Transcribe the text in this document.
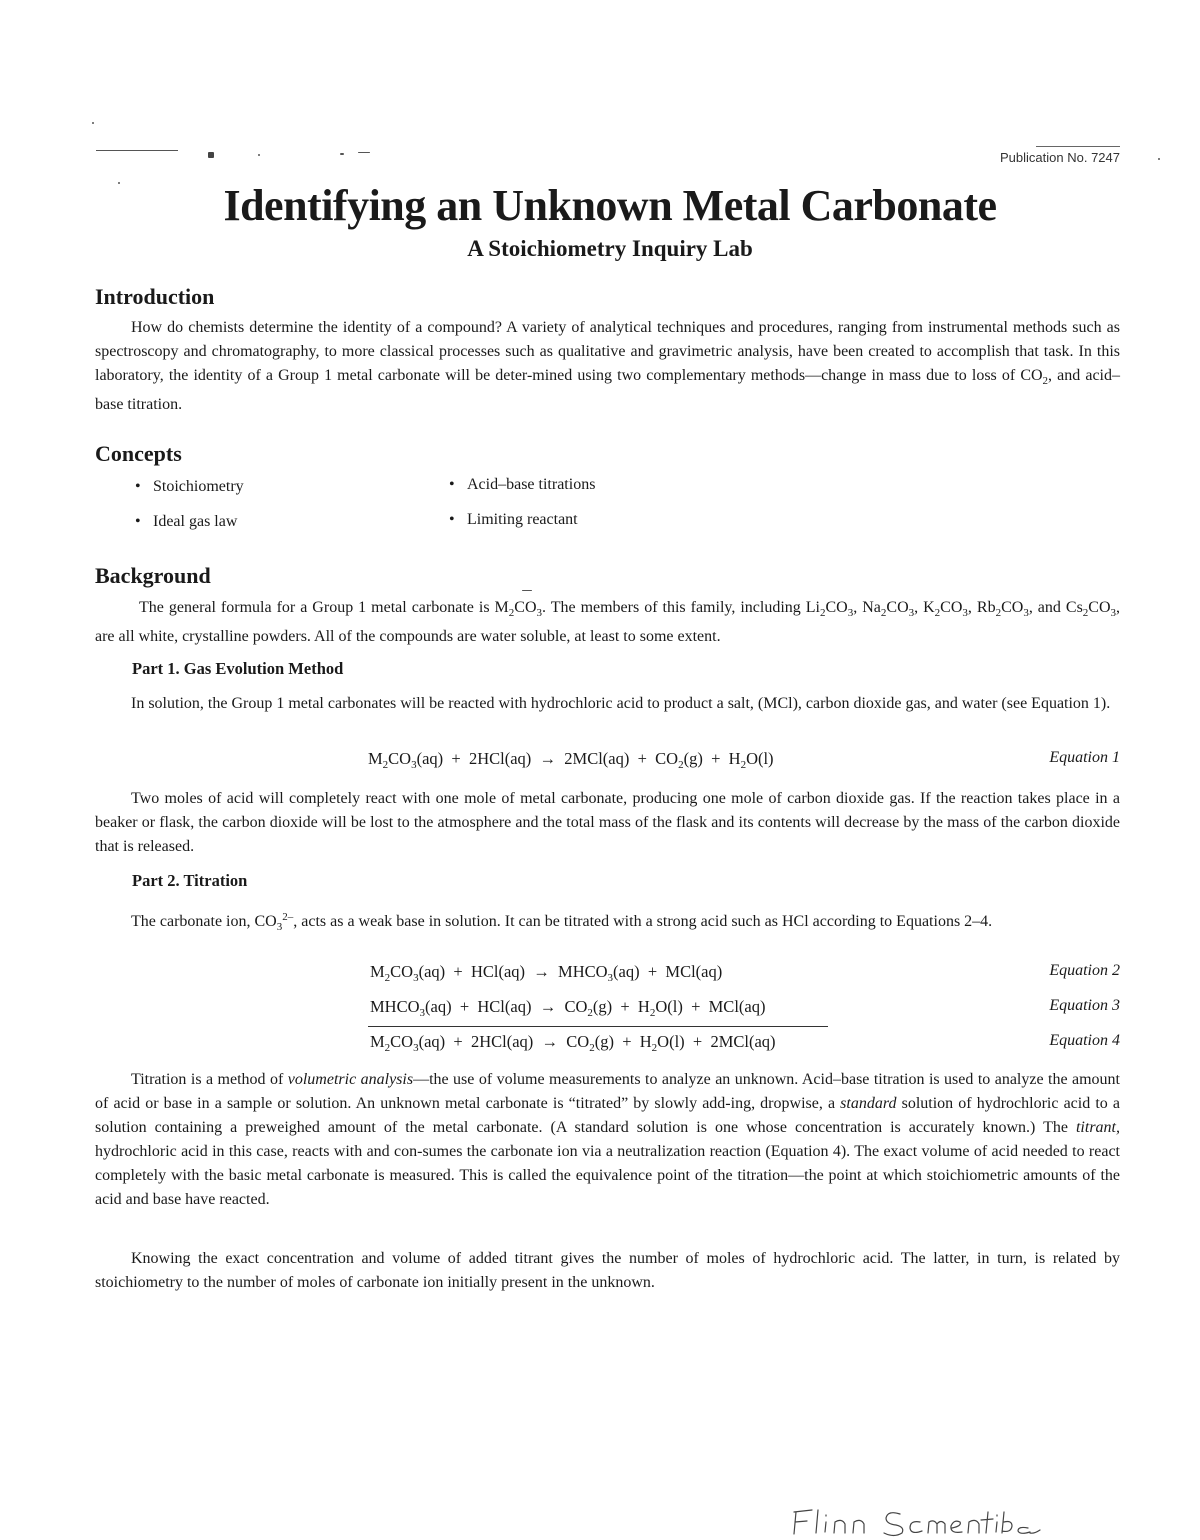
Publication No. 7247
Identifying an Unknown Metal Carbonate
A Stoichiometry Inquiry Lab
Introduction

How do chemists determine the identity of a compound? A variety of analytical techniques and procedures, ranging from instrumental methods such as spectroscopy and chromatography, to more classical processes such as qualitative and gravimetric analysis, have been created to accomplish that task. In this laboratory, the identity of a Group 1 metal carbonate will be deter-mined using two complementary methods—change in mass due to loss of $CO_2$, and acid–base titration.

Concepts
• Stoichiometry	• Acid–base titrations
• Ideal gas law	• Limiting reactant
Background

The general formula for a Group 1 metal carbonate is $M_2CO_3$. The members of this family, including $Li_2CO_3$, $Na_2CO_3$, $K_2CO_3$, $Rb_2CO_3$, and $Cs_2CO_3$, are all white, crystalline powders. All of the compounds are water soluble, at least to some extent.

Part 1. Gas Evolution Method

In solution, the Group 1 metal carbonates will be reacted with hydrochloric acid to product a salt, (MCl), carbon dioxide gas, and water (see Equation 1).

$M_2CO_3(aq) + 2HCl(aq) \to 2MCl(aq) + CO_2(g) + H_2O(l)$	Equation 1

Two moles of acid will completely react with one mole of metal carbonate, producing one mole of carbon dioxide gas. If the reaction takes place in a beaker or flask, the carbon dioxide will be lost to the atmosphere and the total mass of the flask and its contents will decrease by the mass of the carbon dioxide that is released.

Part 2. Titration

The carbonate ion, $CO_3^{2-}$, acts as a weak base in solution. It can be titrated with a strong acid such as HCl according to Equations 2–4.

$M_2CO_3(aq) + HCl(aq)$  →  $MHCO_3(aq) + MCl(aq)$	Equation 2
$MHCO_3(aq) + HCl(aq) \to CO_2(g) + H_2O(l) + MCl(aq)$	Equation 3
$M_2CO_3(aq) + 2HCl(aq) \to CO_2(g) + H_2O(l) + 2MCl(aq)$	Equation 4

Titration is a method of volumetric analysis—the use of volume measurements to analyze an unknown. Acid–base titration is used to analyze the amount of acid or base in a sample or solution. An unknown metal carbonate is “titrated” by slowly add-ing, dropwise, a standard solution of hydrochloric acid to a solution containing a preweighed amount of the metal carbonate. (A standard solution is one whose concentration is accurately known.) The titrant, hydrochloric acid in this case, reacts with and con-sumes the carbonate ion via a neutralization reaction (Equation 4). The exact volume of acid needed to react completely with the basic metal carbonate is measured. This is called the equivalence point of the titration—the point at which stoichiometric amounts of the acid and base have reacted.

Knowing the exact concentration and volume of added titrant gives the number of moles of hydrochloric acid. The latter, in turn, is related by stoichiometry to the number of moles of carbonate ion initially present in the unknown.
